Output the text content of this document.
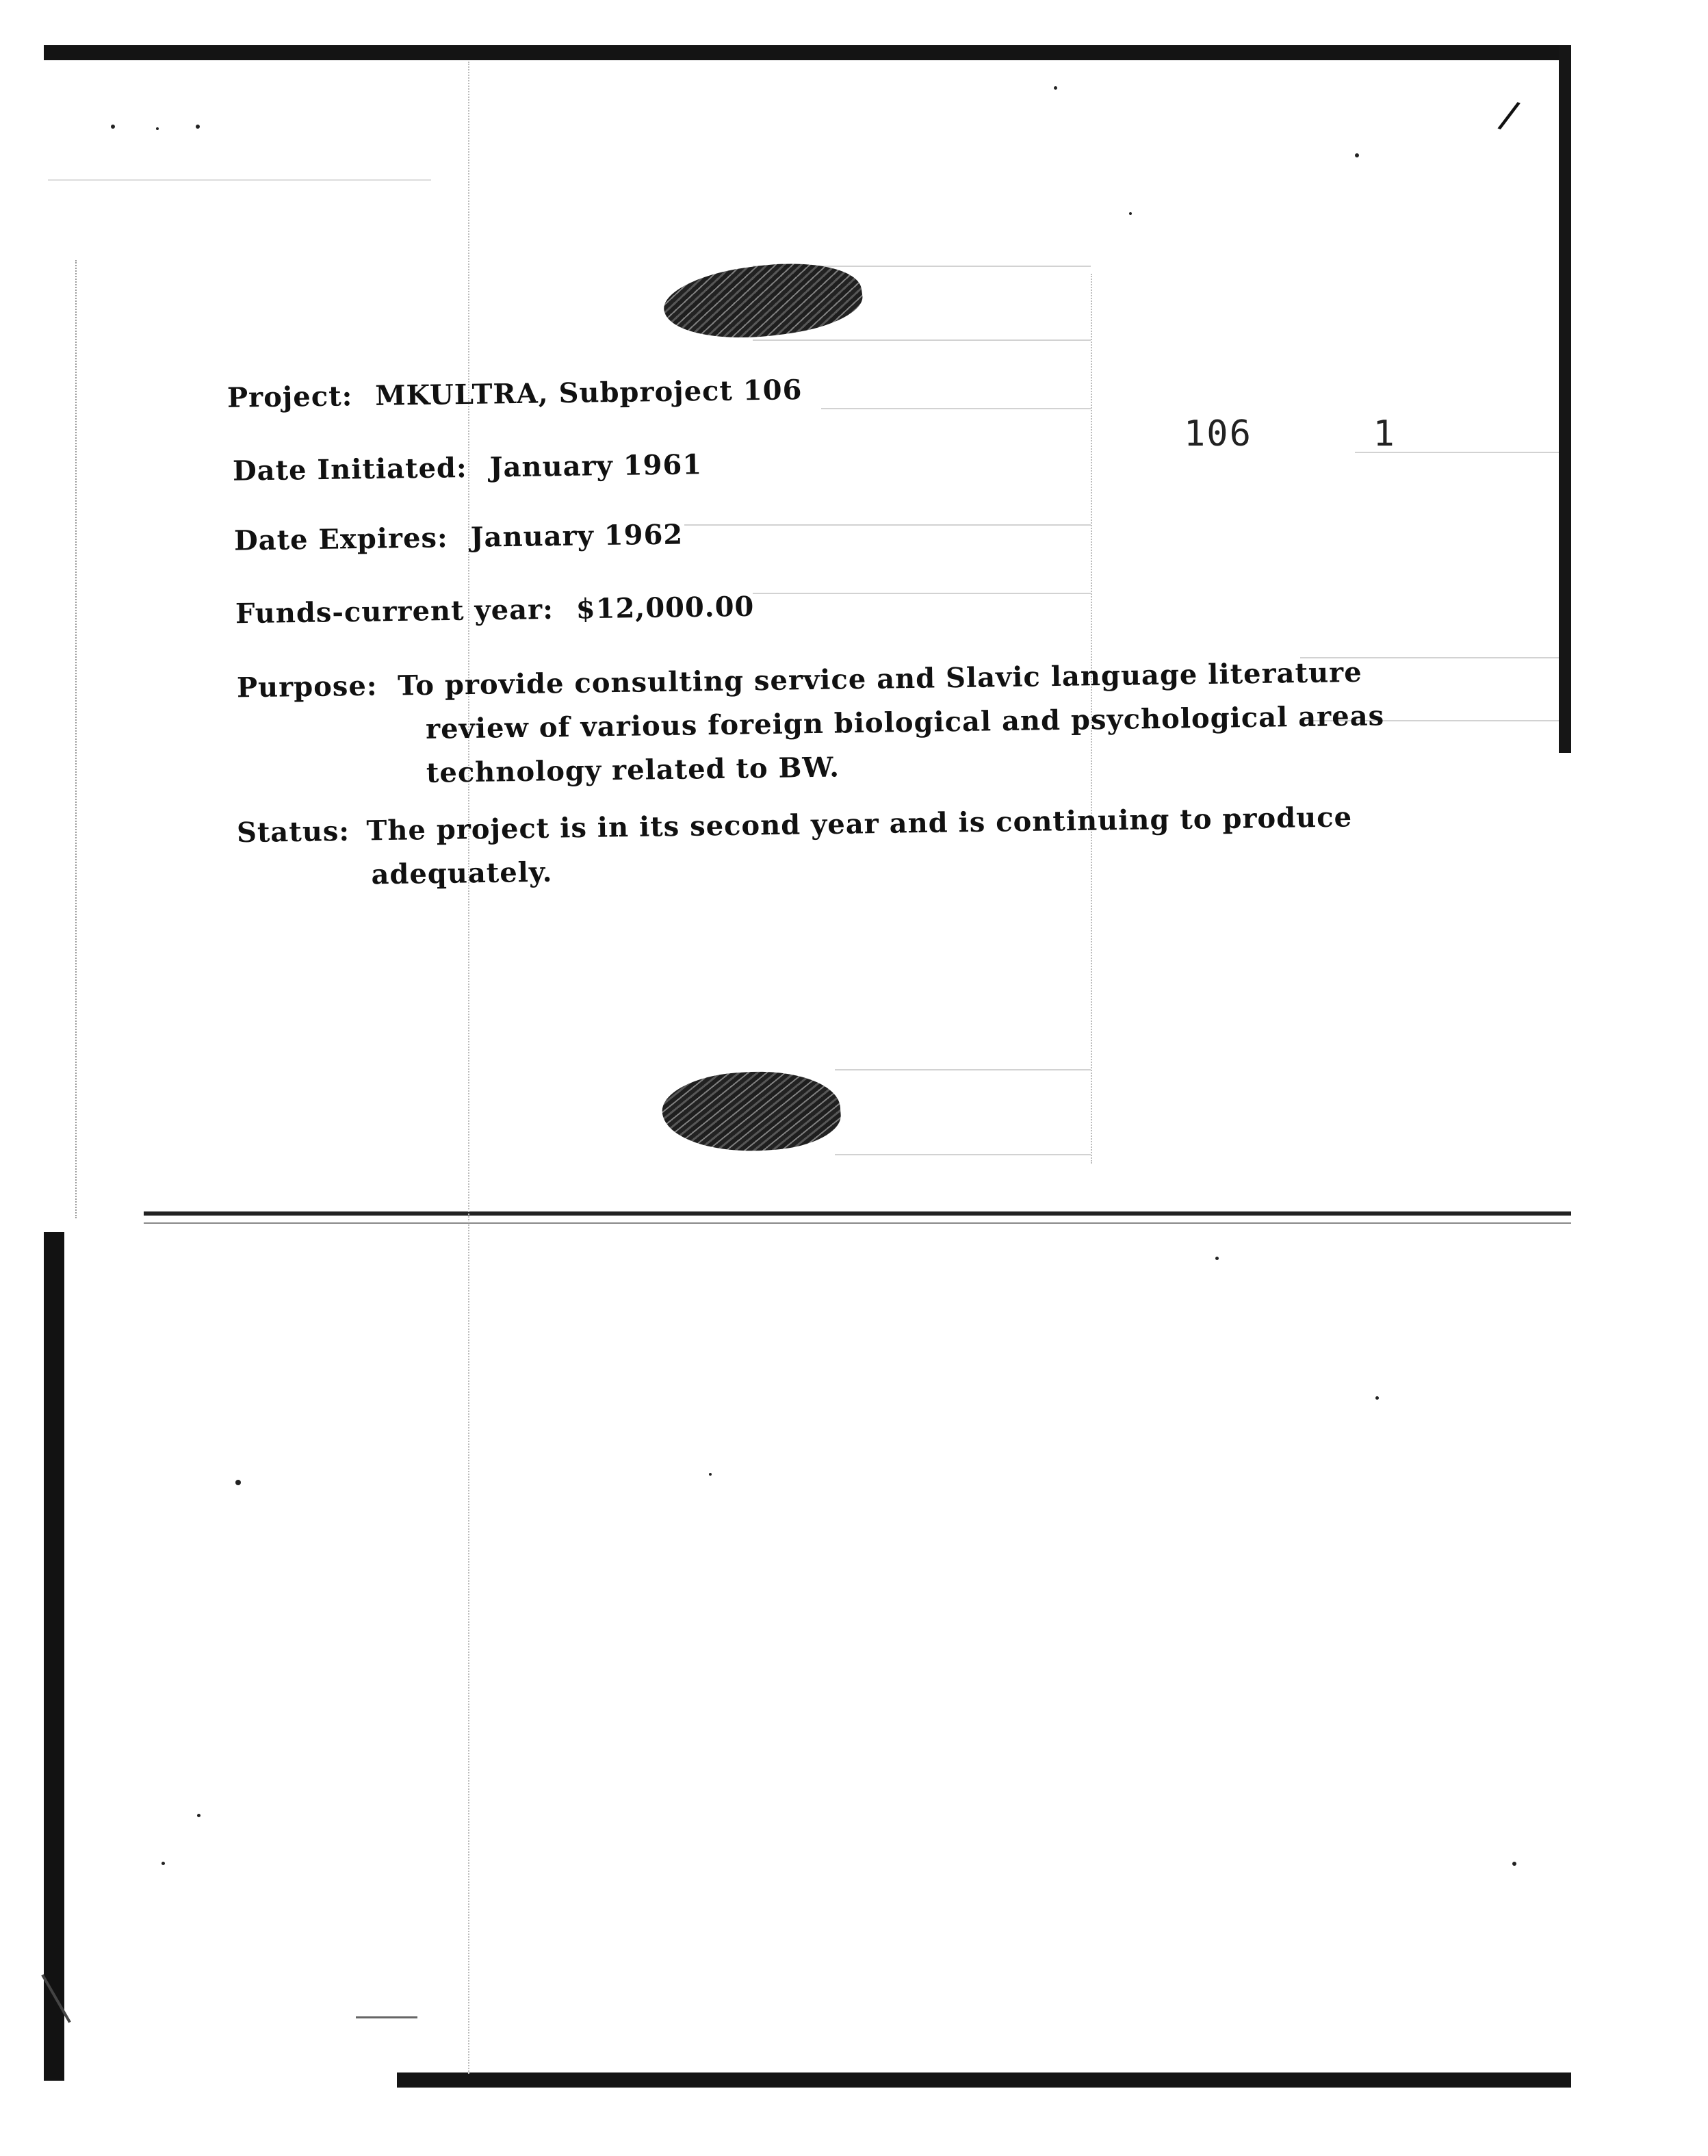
/
106	1
Project: MKULTRA, Subproject 106
Date Initiated: January 1961
Date Expires: January 1962
Funds-current year: $12,000.00
Purpose: To provide consulting service and Slavic language literature
review of various foreign biological and psychological areas
technology related to BW.
Status: The project is in its second year and is continuing to produce
adequately.
